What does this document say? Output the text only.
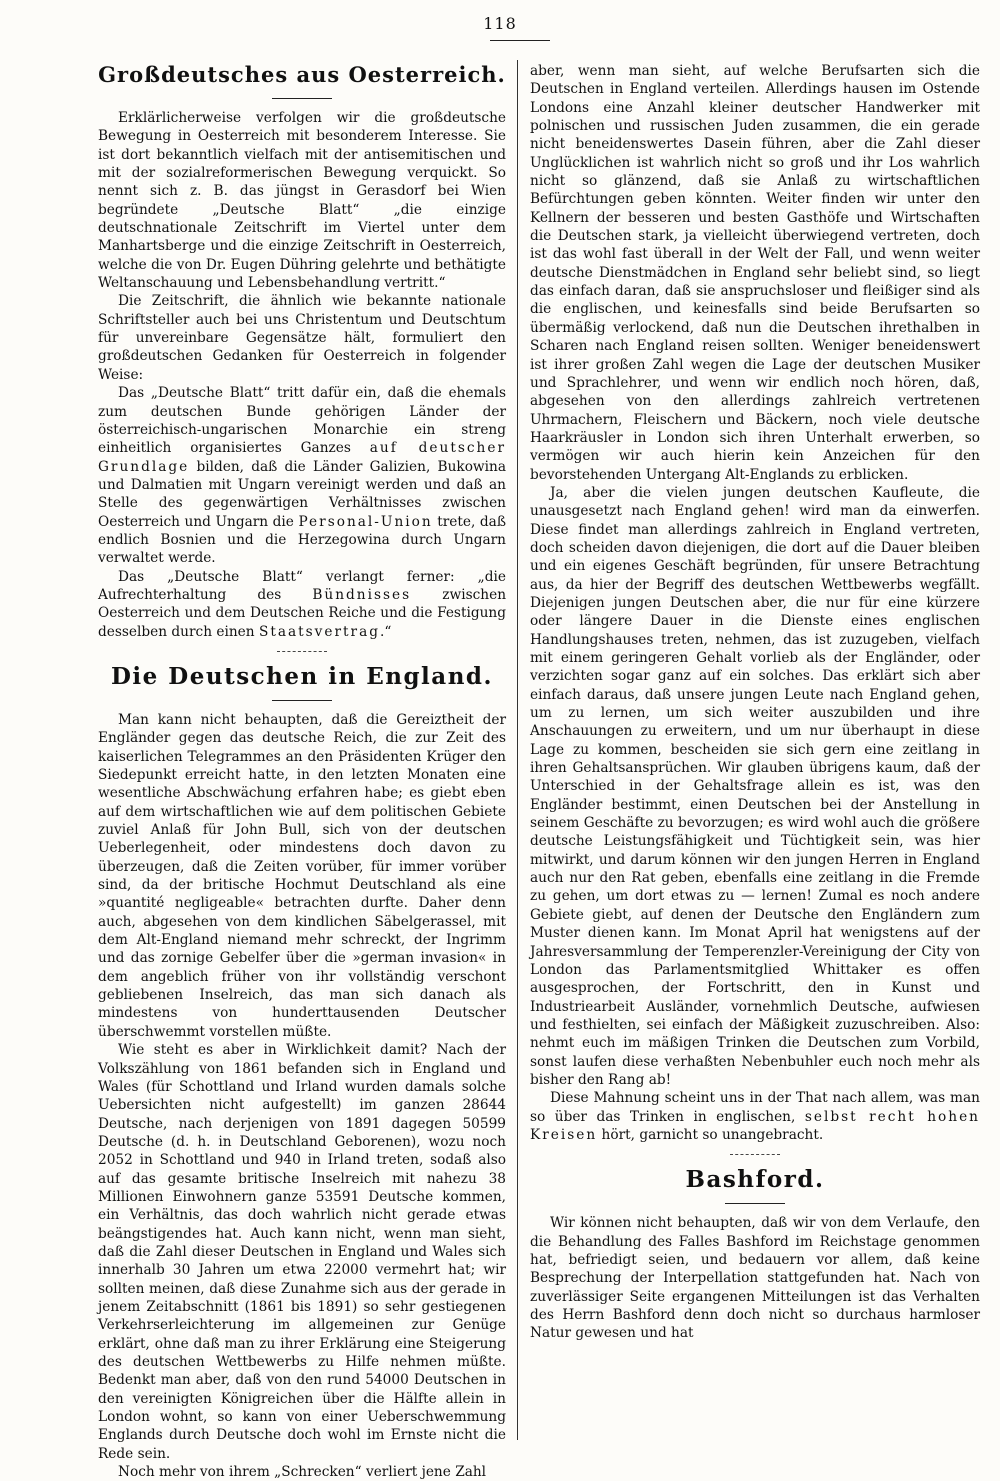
118
Großdeutsches aus Oesterreich.

Erklärlicherweise verfolgen wir die großdeutsche Bewegung in Oesterreich mit besonderem Interesse. Sie ist dort bekanntlich vielfach mit der antisemitischen und mit der sozialreformerischen Bewegung verquickt. So nennt sich z. B. das jüngst in Gerasdorf bei Wien begründete „Deutsche Blatt“ „die einzige deutschnationale Zeitschrift im Viertel unter dem Manhartsberge und die einzige Zeitschrift in Oesterreich, welche die von Dr. Eugen Dühring gelehrte und bethätigte Weltanschauung und Lebensbehandlung vertritt.“

Die Zeitschrift, die ähnlich wie bekannte nationale Schriftsteller auch bei uns Christentum und Deutschtum für unvereinbare Gegensätze hält, formuliert den großdeutschen Gedanken für Oesterreich in folgender Weise:

Das „Deutsche Blatt“ tritt dafür ein, daß die ehemals zum deutschen Bunde gehörigen Länder der österreichisch-ungarischen Monarchie ein streng einheitlich organisiertes Ganzes auf deutscher Grundlage bilden, daß die Länder Galizien, Bukowina und Dalmatien mit Ungarn vereinigt werden und daß an Stelle des gegenwärtigen Verhältnisses zwischen Oesterreich und Ungarn die Personal-Union trete, daß endlich Bosnien und die Herzegowina durch Ungarn verwaltet werde.

Das „Deutsche Blatt“ verlangt ferner: „die Aufrechterhaltung des Bündnisses zwischen Oesterreich und dem Deutschen Reiche und die Festigung desselben durch einen Staatsvertrag.“

Die Deutschen in England.

Man kann nicht behaupten, daß die Gereiztheit der Engländer gegen das deutsche Reich, die zur Zeit des kaiserlichen Telegrammes an den Präsidenten Krüger den Siedepunkt erreicht hatte, in den letzten Monaten eine wesentliche Abschwächung erfahren habe; es giebt eben auf dem wirtschaftlichen wie auf dem politischen Gebiete zuviel Anlaß für John Bull, sich von der deutschen Ueberlegenheit, oder mindestens doch davon zu überzeugen, daß die Zeiten vorüber, für immer vorüber sind, da der britische Hochmut Deutschland als eine »quantité negligeable« betrachten durfte. Daher denn auch, abgesehen von dem kindlichen Säbelgerassel, mit dem Alt-England niemand mehr schreckt, der Ingrimm und das zornige Gebelfer über die »german invasion« in dem angeblich früher von ihr vollständig verschont gebliebenen Inselreich, das man sich danach als mindestens von hunderttausenden Deutscher überschwemmt vorstellen müßte.

Wie steht es aber in Wirklichkeit damit? Nach der Volkszählung von 1861 befanden sich in England und Wales (für Schottland und Irland wurden damals solche Uebersichten nicht aufgestellt) im ganzen 28644 Deutsche, nach derjenigen von 1891 dagegen 50599 Deutsche (d. h. in Deutschland Geborenen), wozu noch 2052 in Schottland und 940 in Irland treten, sodaß also auf das gesamte britische Inselreich mit nahezu 38 Millionen Einwohnern ganze 53591 Deutsche kommen, ein Verhältnis, das doch wahrlich nicht gerade etwas beängstigendes hat. Auch kann nicht, wenn man sieht, daß die Zahl dieser Deutschen in England und Wales sich innerhalb 30 Jahren um etwa 22000 vermehrt hat; wir sollten meinen, daß diese Zunahme sich aus der gerade in jenem Zeitabschnitt (1861 bis 1891) so sehr gestiegenen Verkehrserleichterung im allgemeinen zur Genüge erklärt, ohne daß man zu ihrer Erklärung eine Steigerung des deutschen Wettbewerbs zu Hilfe nehmen müßte. Bedenkt man aber, daß von den rund 54000 Deutschen in den vereinigten Königreichen über die Hälfte allein in London wohnt, so kann von einer Ueberschwemmung Englands durch Deutsche doch wohl im Ernste nicht die Rede sein.

Noch mehr von ihrem „Schrecken“ verliert jene Zahl

aber, wenn man sieht, auf welche Berufsarten sich die Deutschen in England verteilen. Allerdings hausen im Ostende Londons eine Anzahl kleiner deutscher Handwerker mit polnischen und russischen Juden zusammen, die ein gerade nicht beneidenswertes Dasein führen, aber die Zahl dieser Unglücklichen ist wahrlich nicht so groß und ihr Los wahrlich nicht so glänzend, daß sie Anlaß zu wirtschaftlichen Befürchtungen geben könnten. Weiter finden wir unter den Kellnern der besseren und besten Gasthöfe und Wirtschaften die Deutschen stark, ja vielleicht überwiegend vertreten, doch ist das wohl fast überall in der Welt der Fall, und wenn weiter deutsche Dienstmädchen in England sehr beliebt sind, so liegt das einfach daran, daß sie anspruchsloser und fleißiger sind als die englischen, und keinesfalls sind beide Berufsarten so übermäßig verlockend, daß nun die Deutschen ihrethalben in Scharen nach England reisen sollten. Weniger beneidenswert ist ihrer großen Zahl wegen die Lage der deutschen Musiker und Sprachlehrer, und wenn wir endlich noch hören, daß, abgesehen von den allerdings zahlreich vertretenen Uhrmachern, Fleischern und Bäckern, noch viele deutsche Haarkräusler in London sich ihren Unterhalt erwerben, so vermögen wir auch hierin kein Anzeichen für den bevorstehenden Untergang Alt-Englands zu erblicken.

Ja, aber die vielen jungen deutschen Kaufleute, die unausgesetzt nach England gehen! wird man da einwerfen. Diese findet man allerdings zahlreich in England vertreten, doch scheiden davon diejenigen, die dort auf die Dauer bleiben und ein eigenes Geschäft begründen, für unsere Betrachtung aus, da hier der Begriff des deutschen Wettbewerbs wegfällt. Diejenigen jungen Deutschen aber, die nur für eine kürzere oder längere Dauer in die Dienste eines englischen Handlungshauses treten, nehmen, das ist zuzugeben, vielfach mit einem geringeren Gehalt vorlieb als der Engländer, oder verzichten sogar ganz auf ein solches. Das erklärt sich aber einfach daraus, daß unsere jungen Leute nach England gehen, um zu lernen, um sich weiter auszubilden und ihre Anschauungen zu erweitern, und um nur überhaupt in diese Lage zu kommen, bescheiden sie sich gern eine zeitlang in ihren Gehaltsansprüchen. Wir glauben übrigens kaum, daß der Unterschied in der Gehaltsfrage allein es ist, was den Engländer bestimmt, einen Deutschen bei der Anstellung in seinem Geschäfte zu bevorzugen; es wird wohl auch die größere deutsche Leistungsfähigkeit und Tüchtigkeit sein, was hier mitwirkt, und darum können wir den jungen Herren in England auch nur den Rat geben, ebenfalls eine zeitlang in die Fremde zu gehen, um dort etwas zu — lernen! Zumal es noch andere Gebiete giebt, auf denen der Deutsche den Engländern zum Muster dienen kann. Im Monat April hat wenigstens auf der Jahresversammlung der Temperenzler-Vereinigung der City von London das Parlamentsmitglied Whittaker es offen ausgesprochen, der Fortschritt, den in Kunst und Industriearbeit Ausländer, vornehmlich Deutsche, aufwiesen und festhielten, sei einfach der Mäßigkeit zuzuschreiben. Also: nehmt euch im mäßigen Trinken die Deutschen zum Vorbild, sonst laufen diese verhaßten Nebenbuhler euch noch mehr als bisher den Rang ab!

Diese Mahnung scheint uns in der That nach allem, was man so über das Trinken in englischen, selbst recht hohen Kreisen hört, garnicht so unangebracht.

Bashford.

Wir können nicht behaupten, daß wir von dem Verlaufe, den die Behandlung des Falles Bashford im Reichstage genommen hat, befriedigt seien, und bedauern vor allem, daß keine Besprechung der Interpellation stattgefunden hat. Nach von zuverlässiger Seite ergangenen Mitteilungen ist das Verhalten des Herrn Bashford denn doch nicht so durchaus harmloser Natur gewesen und hat
